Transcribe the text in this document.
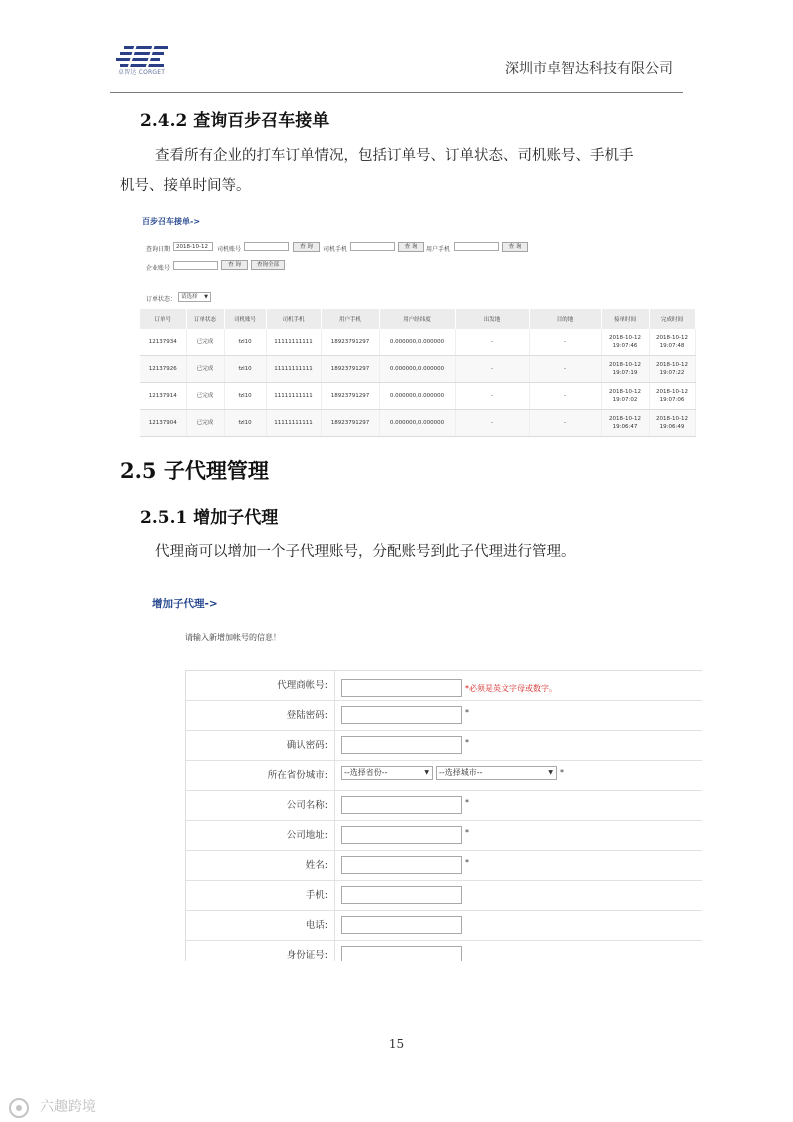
卓智达 CORGET	深圳市卓智达科技有限公司
2.4.2 查询百步召车接单
查看所有企业的打车订单情况，包括订单号、订单状态、司机账号、手机手
机号、接单时间等。
百步召车接单->
查询日期	2018-10-12	司机账号	查 询	司机手机	查 询	用户手机	查 询
企业账号	查 询	查询全部
订单状态： 请选择 ▼
订单号	订单状态	司机账号	司机手机	用户手机	用户经纬度	出发地	目的地	接单时间	完成时间
12137934	已完成	fzl10	11111111111	18923791297	0.000000,0.000000	-	-	2018-10-12 19:07:46	2018-10-12 19:07:48
12137926	已完成	fzl10	11111111111	18923791297	0.000000,0.000000	-	-	2018-10-12 19:07:19	2018-10-12 19:07:22
12137914	已完成	fzl10	11111111111	18923791297	0.000000,0.000000	-	-	2018-10-12 19:07:02	2018-10-12 19:07:06
12137904	已完成	fzl10	11111111111	18923791297	0.000000,0.000000	-	-	2018-10-12 19:06:47	2018-10-12 19:06:49
2.5 子代理管理
2.5.1 增加子代理
代理商可以增加一个子代理账号，分配账号到此子代理进行管理。
增加子代理->
请输入新增加帐号的信息！
代理商帐号:	*必须是英文字母或数字。
登陆密码:	*
确认密码:	*
所在省份城市:	--选择省份--	▼	--选择城市--	▼ *
公司名称:	*
公司地址:	*
姓名:	*
手机:
电话:
身份证号:
15
六趣跨境
